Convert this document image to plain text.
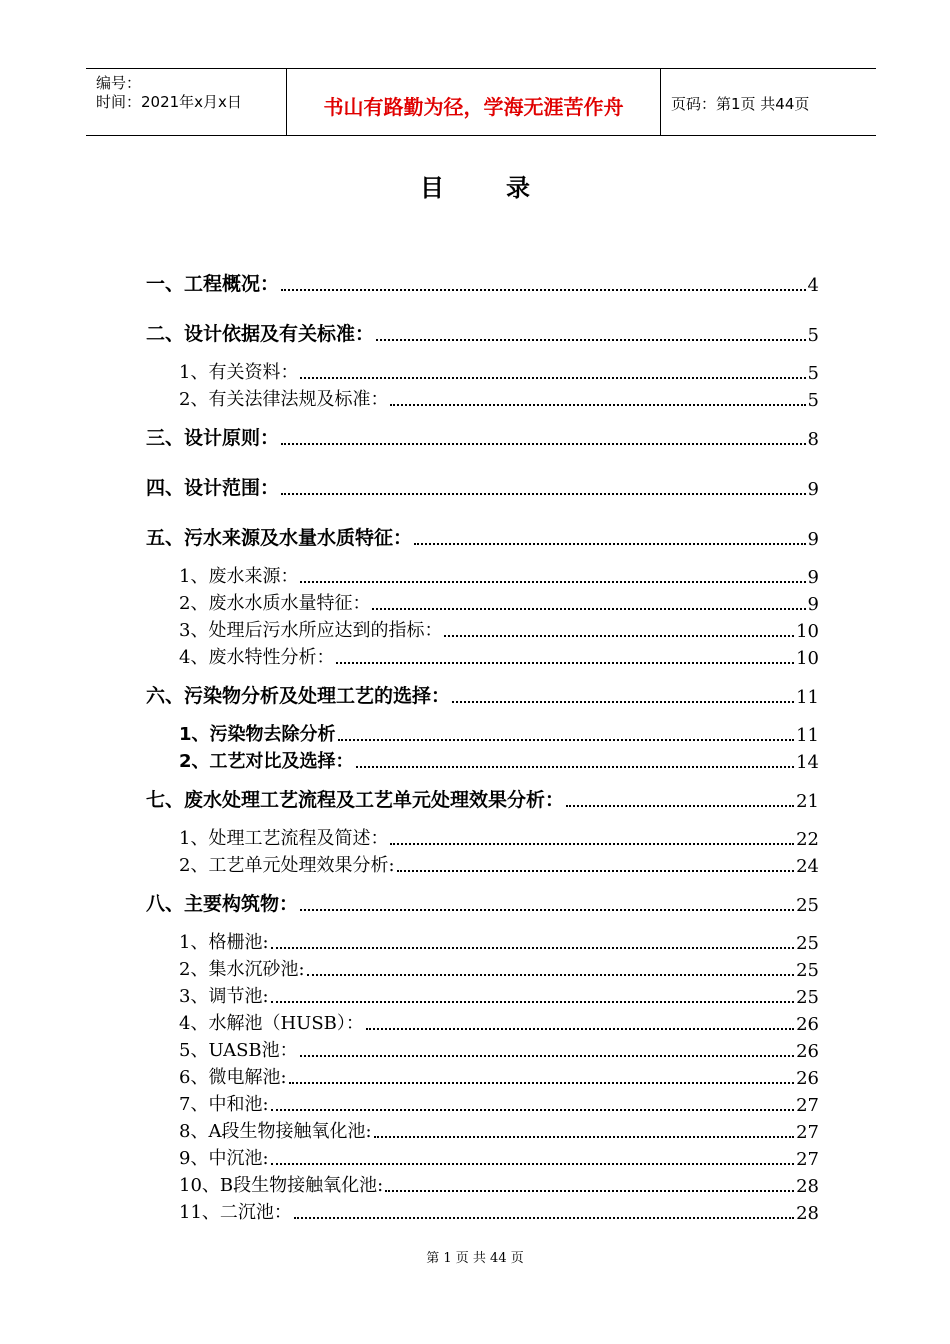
编号：
时间：2021年x月x日	书山有路勤为径，学海无涯苦作舟	页码：第1页 共44页
目录
一、工程概况：	4
二、设计依据及有关标准：	5
1、有关资料：	5
2、有关法律法规及标准：	5
三、设计原则：	8
四、设计范围：	9
五、污水来源及水量水质特征：	9
1、废水来源：	9
2、废水水质水量特征：	9
3、处理后污水所应达到的指标：	10
4、废水特性分析：	10
六、污染物分析及处理工艺的选择：	11
1、污染物去除分析	11
2、工艺对比及选择：	14
七、废水处理工艺流程及工艺单元处理效果分析：	21
1、处理工艺流程及简述：	22
2、工艺单元处理效果分析:	24
八、主要构筑物：	25
1、格栅池:	25
2、集水沉砂池:	25
3、调节池:	25
4、水解池（HUSB）：	26
5、UASB池：	26
6、微电解池:	26
7、中和池:	27
8、A段生物接触氧化池:	27
9、中沉池:	27
10、B段生物接触氧化池:	28
11、二沉池：	28
第 1 页 共 44 页
